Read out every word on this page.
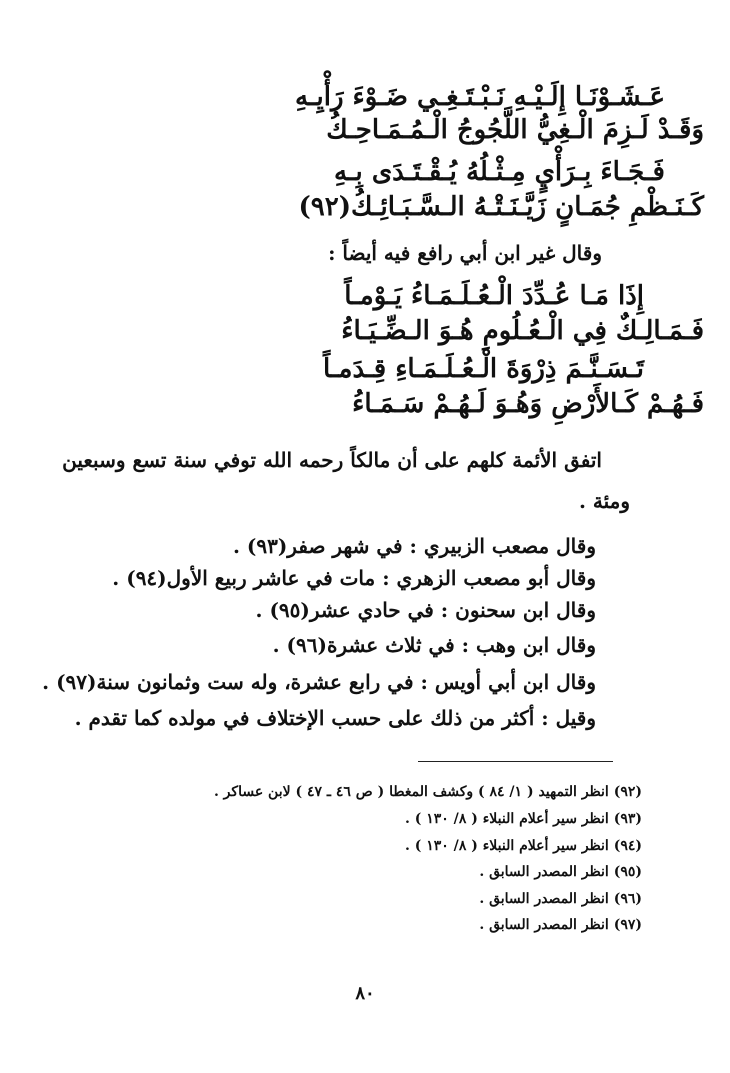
عَـشَـوْنَـا إِلَـيْـهِ نَـبْـتَـغِـي ضَـوْءَ رَأْيِـهِ
وَقَـدْ لَـزِمَ الْـغِيُّ اللَّجُوجُ الْـمُـمَـاحِـكُ
فَـجَـاءَ بِـرَأْيٍ مِـثْـلُهُ يُـقْـتَـدَى بِـهِ
كَـنَـظْمِ جُمَـانٍ زَيَّـنَـتْـهُ الـسَّـبَـائِـكُ(٩٢)
وقال غير ابن أبي رافع فيه أيضاً :
إِذَا مَـا عُـدِّدَ الْـعُـلَـمَـاءُ يَـوْمـاً
فَـمَـالِـكٌ فِي الْـعُـلُومِ هُـوَ الـضِّـيَـاءُ
تَـسَـنَّـمَ ذِرْوَةَ الْـعُـلَـمَـاءِ قِـدَمـاً
فَـهُـمْ كَـالأَرْضِ وَهُـوَ لَـهُـمْ سَـمَـاءُ
اتفق الأئمة كلهم على أن مالكاً رحمه الله توفي سنة تسع وسبعين
ومئة .
وقال مصعب الزبيري : في شهر صفر(٩٣) .
وقال أبو مصعب الزهري : مات في عاشر ربيع الأول(٩٤) .
وقال ابن سحنون : في حادي عشر(٩٥) .
وقال ابن وهب : في ثلاث عشرة(٩٦) .
وقال ابن أبي أويس : في رابع عشرة، وله ست وثمانون سنة(٩٧) .
وقيل : أكثر من ذلك على حسب الإختلاف في مولده كما تقدم .
(٩٢) انظر التمهيد ( ١/ ٨٤ ) وكشف المغطا ( ص ٤٦ ـ ٤٧ ) لابن عساكر .
(٩٣) انظر سير أعلام النبلاء ( ٨/ ١٣٠ ) .
(٩٤) انظر سير أعلام النبلاء ( ٨/ ١٣٠ ) .
(٩٥) انظر المصدر السابق .
(٩٦) انظر المصدر السابق .
(٩٧) انظر المصدر السابق .
٨٠
